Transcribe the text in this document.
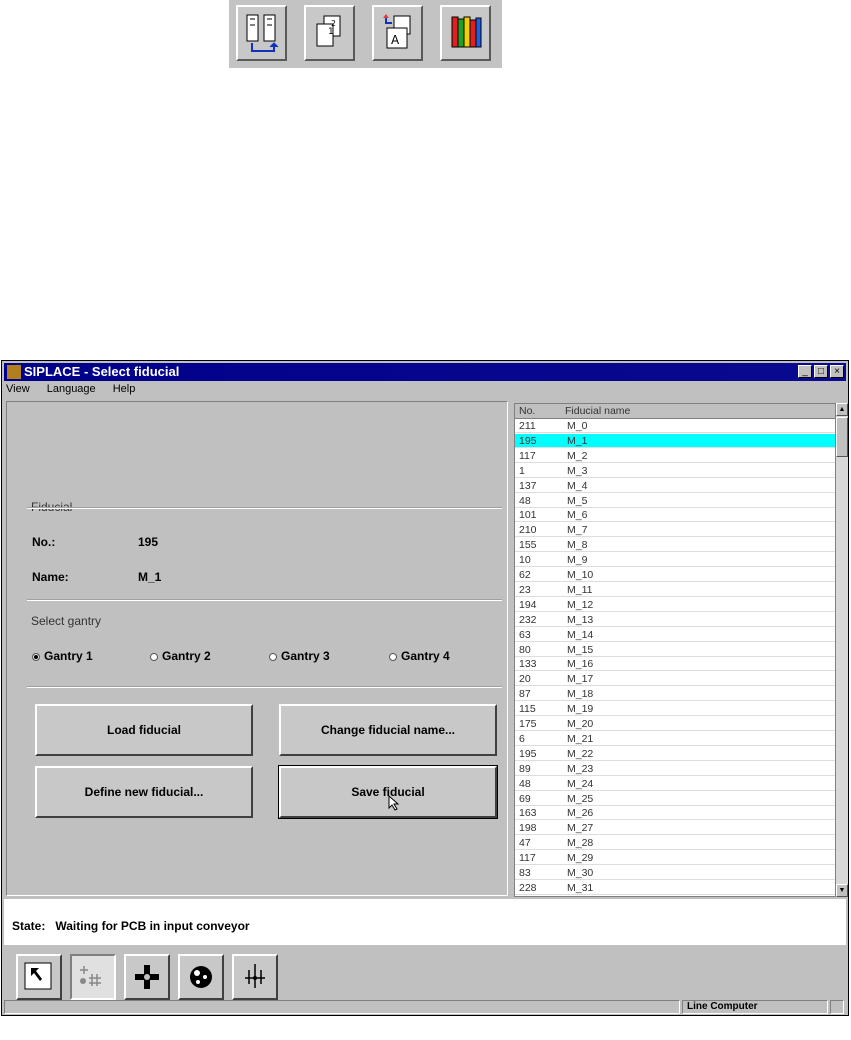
1
2
A
SIPLACE - Select fiducial	_	□	×
View Language Help
Fiducial
No.:	195
Name:	M_1
Select gantry
Gantry 1	Gantry 2	Gantry 3	Gantry 4
Load fiducial	Change fiducial name...
Define new fiducial...	Save fiducial
No.	Fiducial name
211	M_0
195	M_1
117	M_2
1	M_3
137	M_4
48	M_5
101	M_6
210	M_7
155	M_8
10	M_9
62	M_10
23	M_11
194	M_12
232	M_13
63	M_14
80	M_15
133	M_16
20	M_17
87	M_18
115	M_19
175	M_20
6	M_21
195	M_22
89	M_23
48	M_24
69	M_25
163	M_26
198	M_27
47	M_28
117	M_29
83	M_30
228	M_31
▲
▼
State: Waiting for PCB in input conveyor
Line Computer
